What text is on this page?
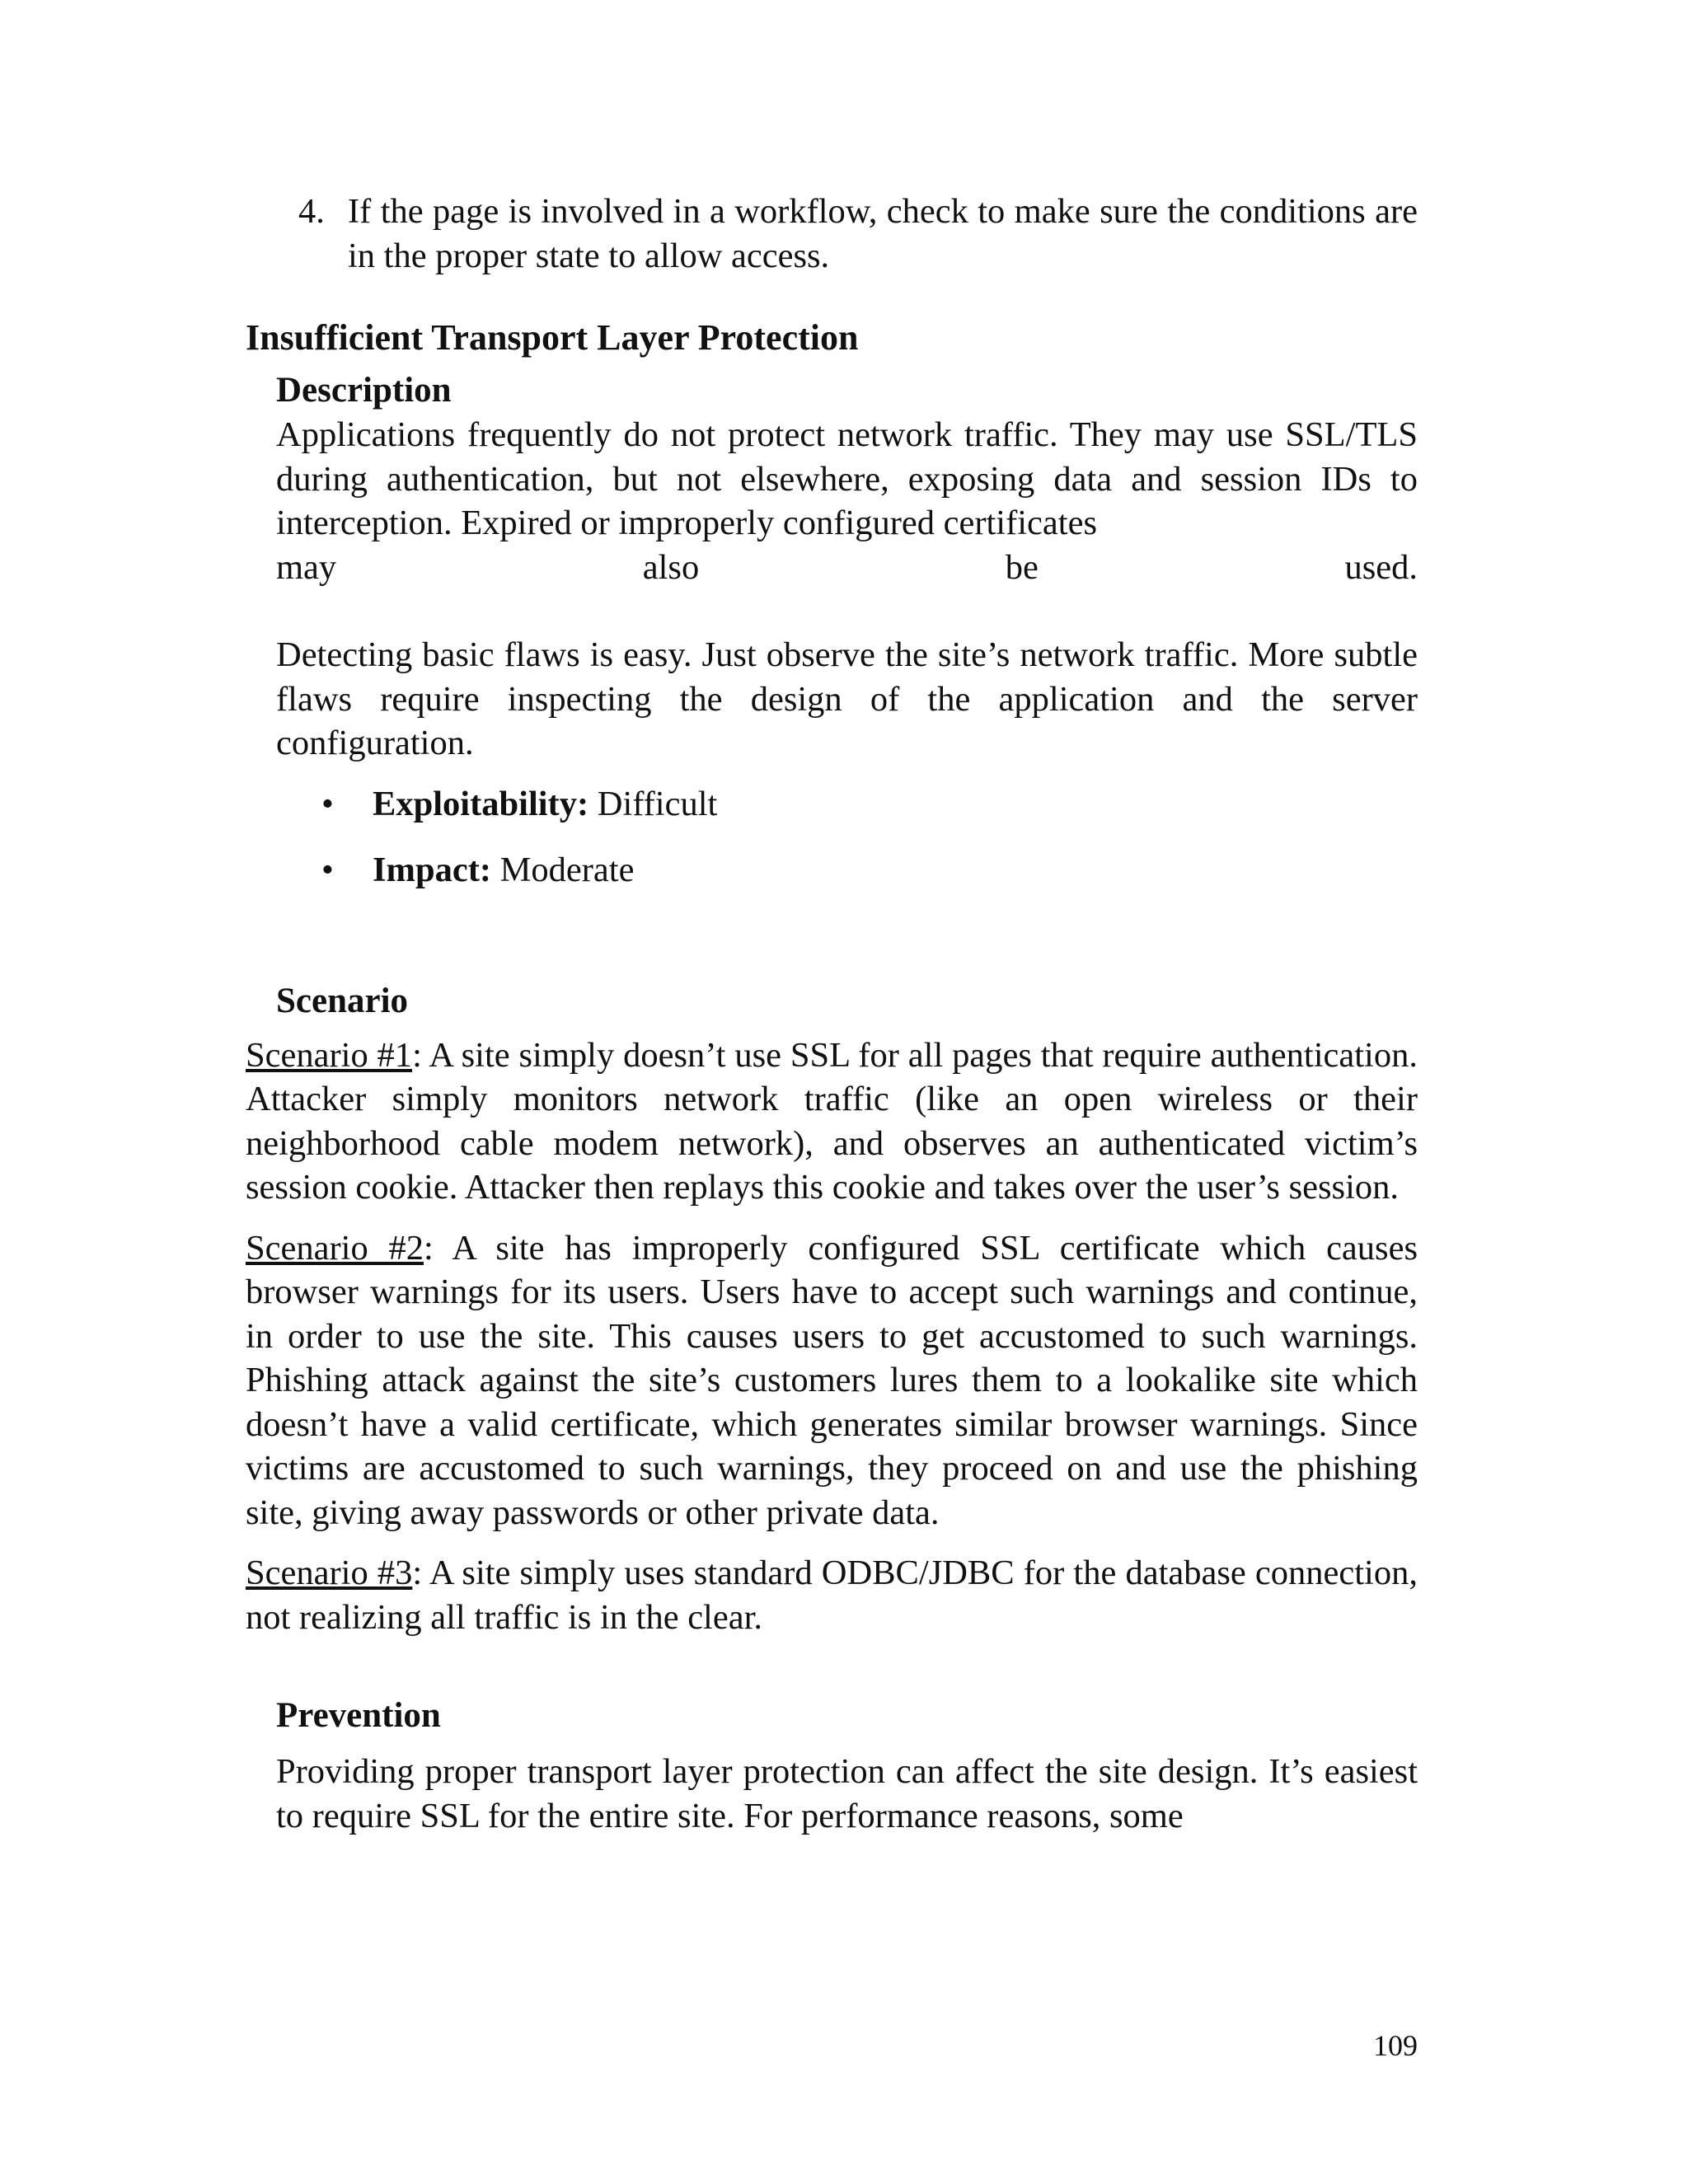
4. If the page is involved in a workflow, check to make sure the conditions are in the proper state to allow access.
Insufficient Transport Layer Protection
Description
Applications frequently do not protect network traffic. They may use SSL/TLS during authentication, but not elsewhere, exposing data and session IDs to interception. Expired or improperly configured certificates
may	also	be	used.
Detecting basic flaws is easy. Just observe the site’s network traffic. More subtle flaws require inspecting the design of the application and the server configuration.
• Exploitability: Difficult
• Impact: Moderate
Scenario
Scenario #1: A site simply doesn’t use SSL for all pages that require authentication. Attacker simply monitors network traffic (like an open wireless or their neighborhood cable modem network), and observes an authenticated victim’s session cookie. Attacker then replays this cookie and takes over the user’s session.
Scenario #2: A site has improperly configured SSL certificate which causes browser warnings for its users. Users have to accept such warnings and continue, in order to use the site. This causes users to get accustomed to such warnings. Phishing attack against the site’s customers lures them to a lookalike site which doesn’t have a valid certificate, which generates similar browser warnings. Since victims are accustomed to such warnings, they proceed on and use the phishing site, giving away passwords or other private data.
Scenario #3: A site simply uses standard ODBC/JDBC for the database connection, not realizing all traffic is in the clear.
Prevention
Providing proper transport layer protection can affect the site design. It’s easiest to require SSL for the entire site. For performance reasons, some
109
